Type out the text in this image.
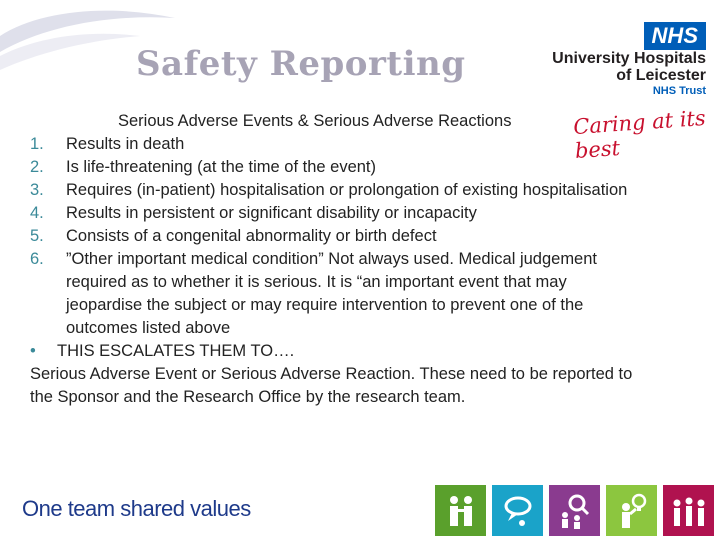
Safety Reporting
NHS
University Hospitals
of Leicester
NHS Trust
Caring at its best
Serious Adverse Events & Serious Adverse Reactions
1.	Results in death
2.	Is life-threatening (at the time of the event)
3.	Requires (in-patient) hospitalisation or prolongation of existing hospitalisation
4.	Results in persistent or significant disability or incapacity
5.	Consists of a congenital abnormality or birth defect
6.	”Other important medical condition” Not always used. Medical judgement required as to whether it is serious. It is “an important event that may jeopardise the subject or may require intervention to prevent one of the outcomes listed above
•	THIS ESCALATES THEM TO….
Serious Adverse Event or Serious Adverse Reaction. These need to be reported to the Sponsor and the Research Office by the research team.
One team shared values
